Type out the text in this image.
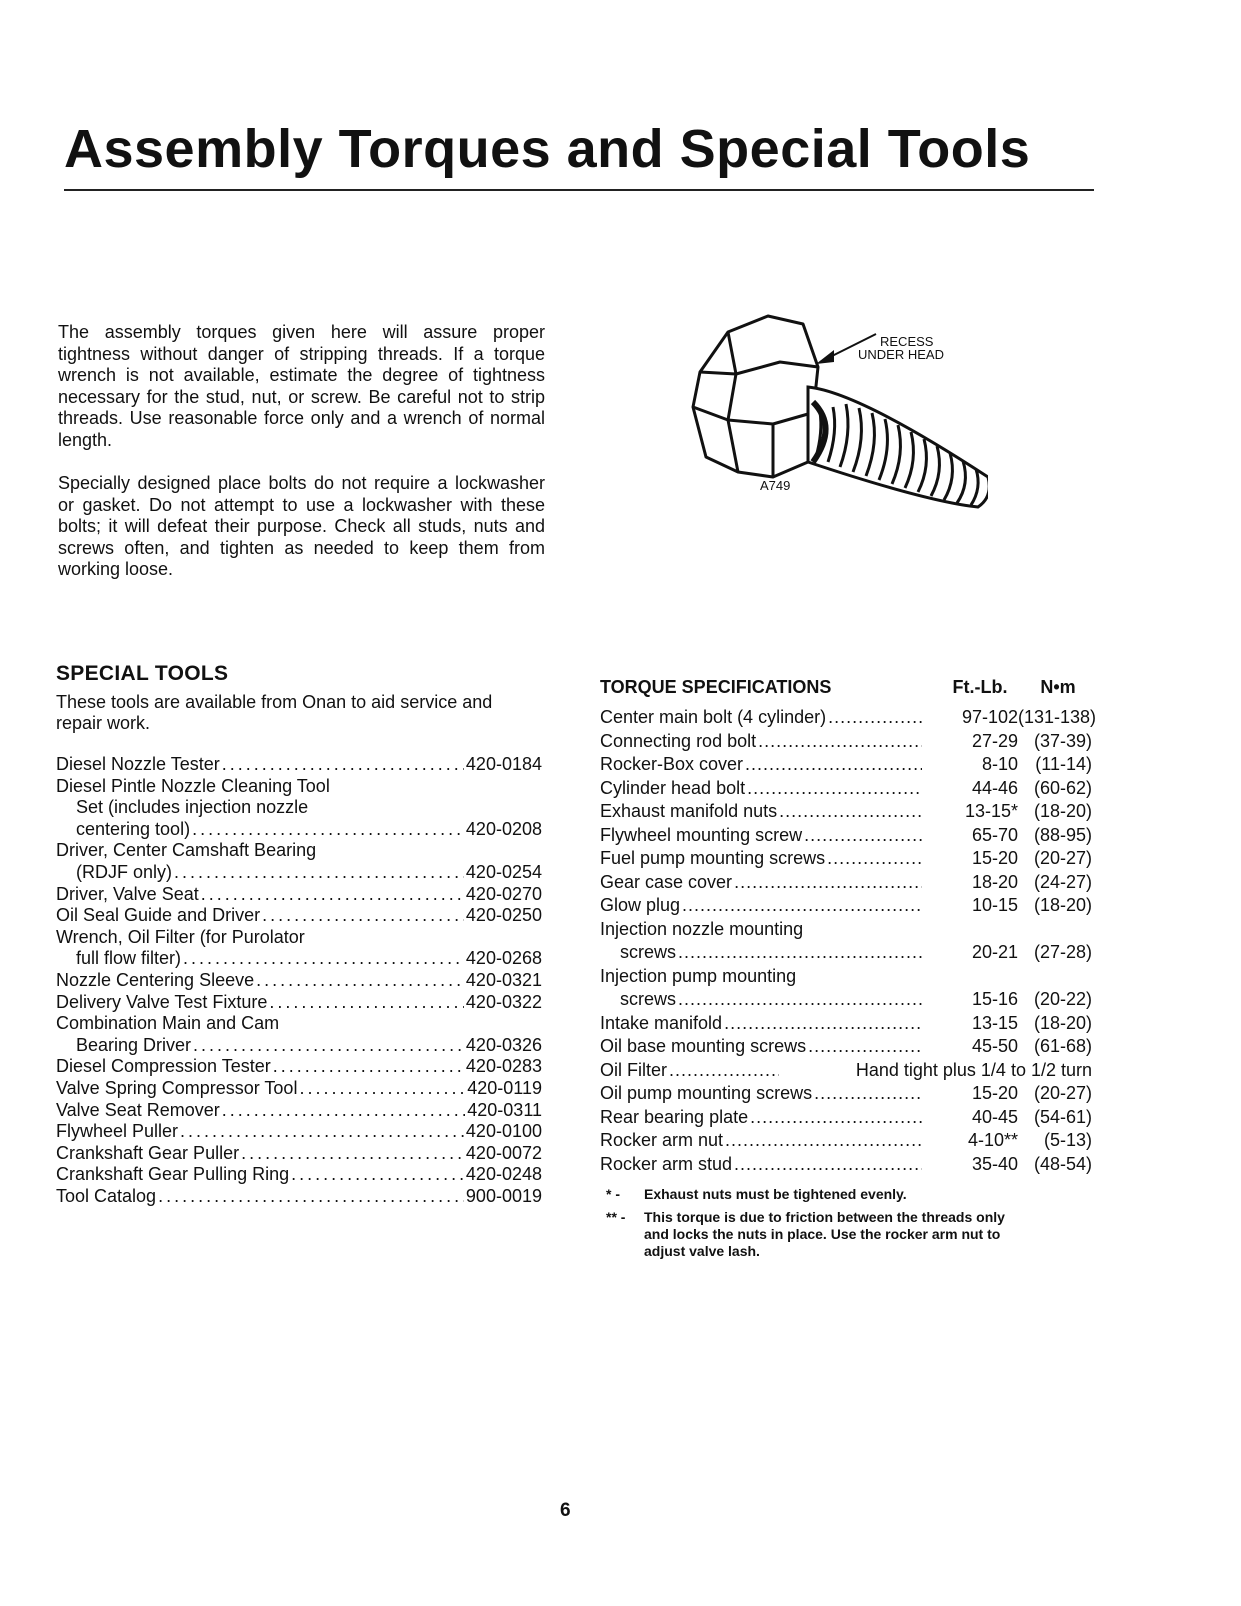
Assembly Torques and Special Tools

The assembly torques given here will assure proper tightness without danger of stripping threads. If a torque wrench is not available, estimate the degree of tightness necessary for the stud, nut, or screw. Be careful not to strip threads. Use reasonable force only and a wrench of normal length.

Specially designed place bolts do not require a lockwasher or gasket. Do not attempt to use a lockwasher with these bolts; it will defeat their purpose. Check all studs, nuts and screws often, and tighten as needed to keep them from working loose.

RECESS
UNDER HEAD
A749
SPECIAL TOOLS

These tools are available from Onan to aid service and repair work.

Diesel Nozzle Tester . . .	420-0184
Diesel Pintle Nozzle Cleaning Tool
Set (includes injection nozzle
centering tool) . . .	420-0208
Driver, Center Camshaft Bearing
(RDJF only) . . .	420-0254
Driver, Valve Seat . . .	420-0270
Oil Seal Guide and Driver . . .	420-0250
Wrench, Oil Filter (for Purolator
full flow filter) . . .	420-0268
Nozzle Centering Sleeve . . .	420-0321
Delivery Valve Test Fixture . . .	420-0322
Combination Main and Cam
Bearing Driver . . .	420-0326
Diesel Compression Tester . . .	420-0283
Valve Spring Compressor Tool . . .	420-0119
Valve Seat Remover . . .	420-0311
Flywheel Puller . . .	420-0100
Crankshaft Gear Puller . . .	420-0072
Crankshaft Gear Pulling Ring . . .	420-0248
Tool Catalog . . .	900-0019
TORQUE SPECIFICATIONS	Ft.-Lb.	N•m
Center main bolt (4 cylinder) .....	97-102 (131-138)
Connecting rod bolt .....	27-29 (37-39)
Rocker-Box cover .....	8-10 (11-14)
Cylinder head bolt .....	44-46 (60-62)
Exhaust manifold nuts .....	13-15* (18-20)
Flywheel mounting screw .....	65-70 (88-95)
Fuel pump mounting screws .....	15-20 (20-27)
Gear case cover .....	18-20 (24-27)
Glow plug .....	10-15 (18-20)
Injection nozzle mounting
screws .....	20-21 (27-28)
Injection pump mounting
screws .....	15-16 (20-22)
Intake manifold .....	13-15 (18-20)
Oil base mounting screws .....	45-50 (61-68)
Oil Filter .....	Hand tight plus 1/4 to 1/2 turn
Oil pump mounting screws .....	15-20 (20-27)
Rear bearing plate .....	40-45 (54-61)
Rocker arm nut .....	4-10**	(5-13)
Rocker arm stud .....	35-40 (48-54)
* -	Exhaust nuts must be tightened evenly.
** -	This torque is due to friction between the threads only and locks the nuts in place. Use the rocker arm nut to adjust valve lash.
6
